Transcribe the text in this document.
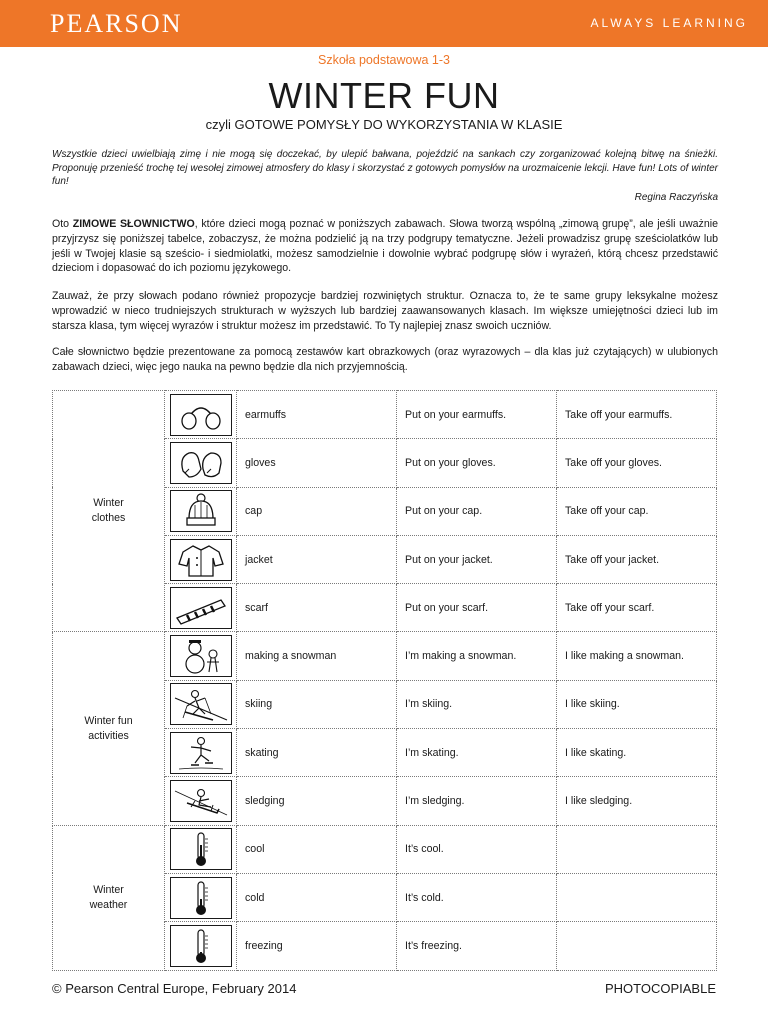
PEARSON	ALWAYS LEARNING
Szkoła podstawowa 1-3
WINTER FUN
czyli GOTOWE POMYSŁY DO WYKORZYSTANIA W KLASIE

Wszystkie dzieci uwielbiają zimę i nie mogą się doczekać, by ulepić bałwana, pojeździć na sankach czy zorganizować kolejną bitwę na śnieżki. Proponuję przenieść trochę tej wesołej zimowej atmosfery do klasy i skorzystać z gotowych pomysłów na urozmaicenie lekcji. Have fun! Lots of winter fun!

Regina Raczyńska

Oto ZIMOWE SŁOWNICTWO, które dzieci mogą poznać w poniższych zabawach. Słowa tworzą wspólną „zimową grupę”, ale jeśli uważnie przyjrzysz się poniższej tabelce, zobaczysz, że można podzielić ją na trzy podgrupy tematyczne. Jeżeli prowadzisz grupę sześciolatków lub jeśli w Twojej klasie są sześcio- i siedmiolatki, możesz samodzielnie i dowolnie wybrać podgrupę słów i wyrażeń, którą chcesz przedstawić dzieciom i dopasować do ich poziomu językowego.

Zauważ, że przy słowach podano również propozycje bardziej rozwiniętych struktur. Oznacza to, że te same grupy leksykalne możesz wprowadzić w nieco trudniejszych strukturach w wyższych lub bardziej zaawansowanych klasach. Im większe umiejętności dzieci lub im starsza klasa, tym więcej wyrazów i struktur możesz im przedstawić. To Ty najlepiej znasz swoich uczniów.

Całe słownictwo będzie prezentowane za pomocą zestawów kart obrazkowych (oraz wyrazowych – dla klas już czytających) w ulubionych zabawach dzieci, więc jego nauka na pewno będzie dla nich przyjemnością.

Winter
clothes		earmuffs	Put on your earmuffs.	Take off your earmuffs.

	gloves	Put on your gloves.	Take off your gloves.

	cap	Put on your cap.	Take off your cap.

	jacket	Put on your jacket.	Take off your jacket.

	scarf	Put on your scarf.	Take off your scarf.
Winter fun
activities		making a snowman	I’m making a snowman.	I like making a snowman.

	skiing	I’m skiing.	I like skiing.

	skating	I’m skating.	I like skating.

	sledging	I’m sledging.	I like sledging.
Winter
weather		cool	It’s cool.	

	cold	It’s cold.	

	freezing	It’s freezing.	
© Pearson Central Europe, February 2014	PHOTOCOPIABLE
